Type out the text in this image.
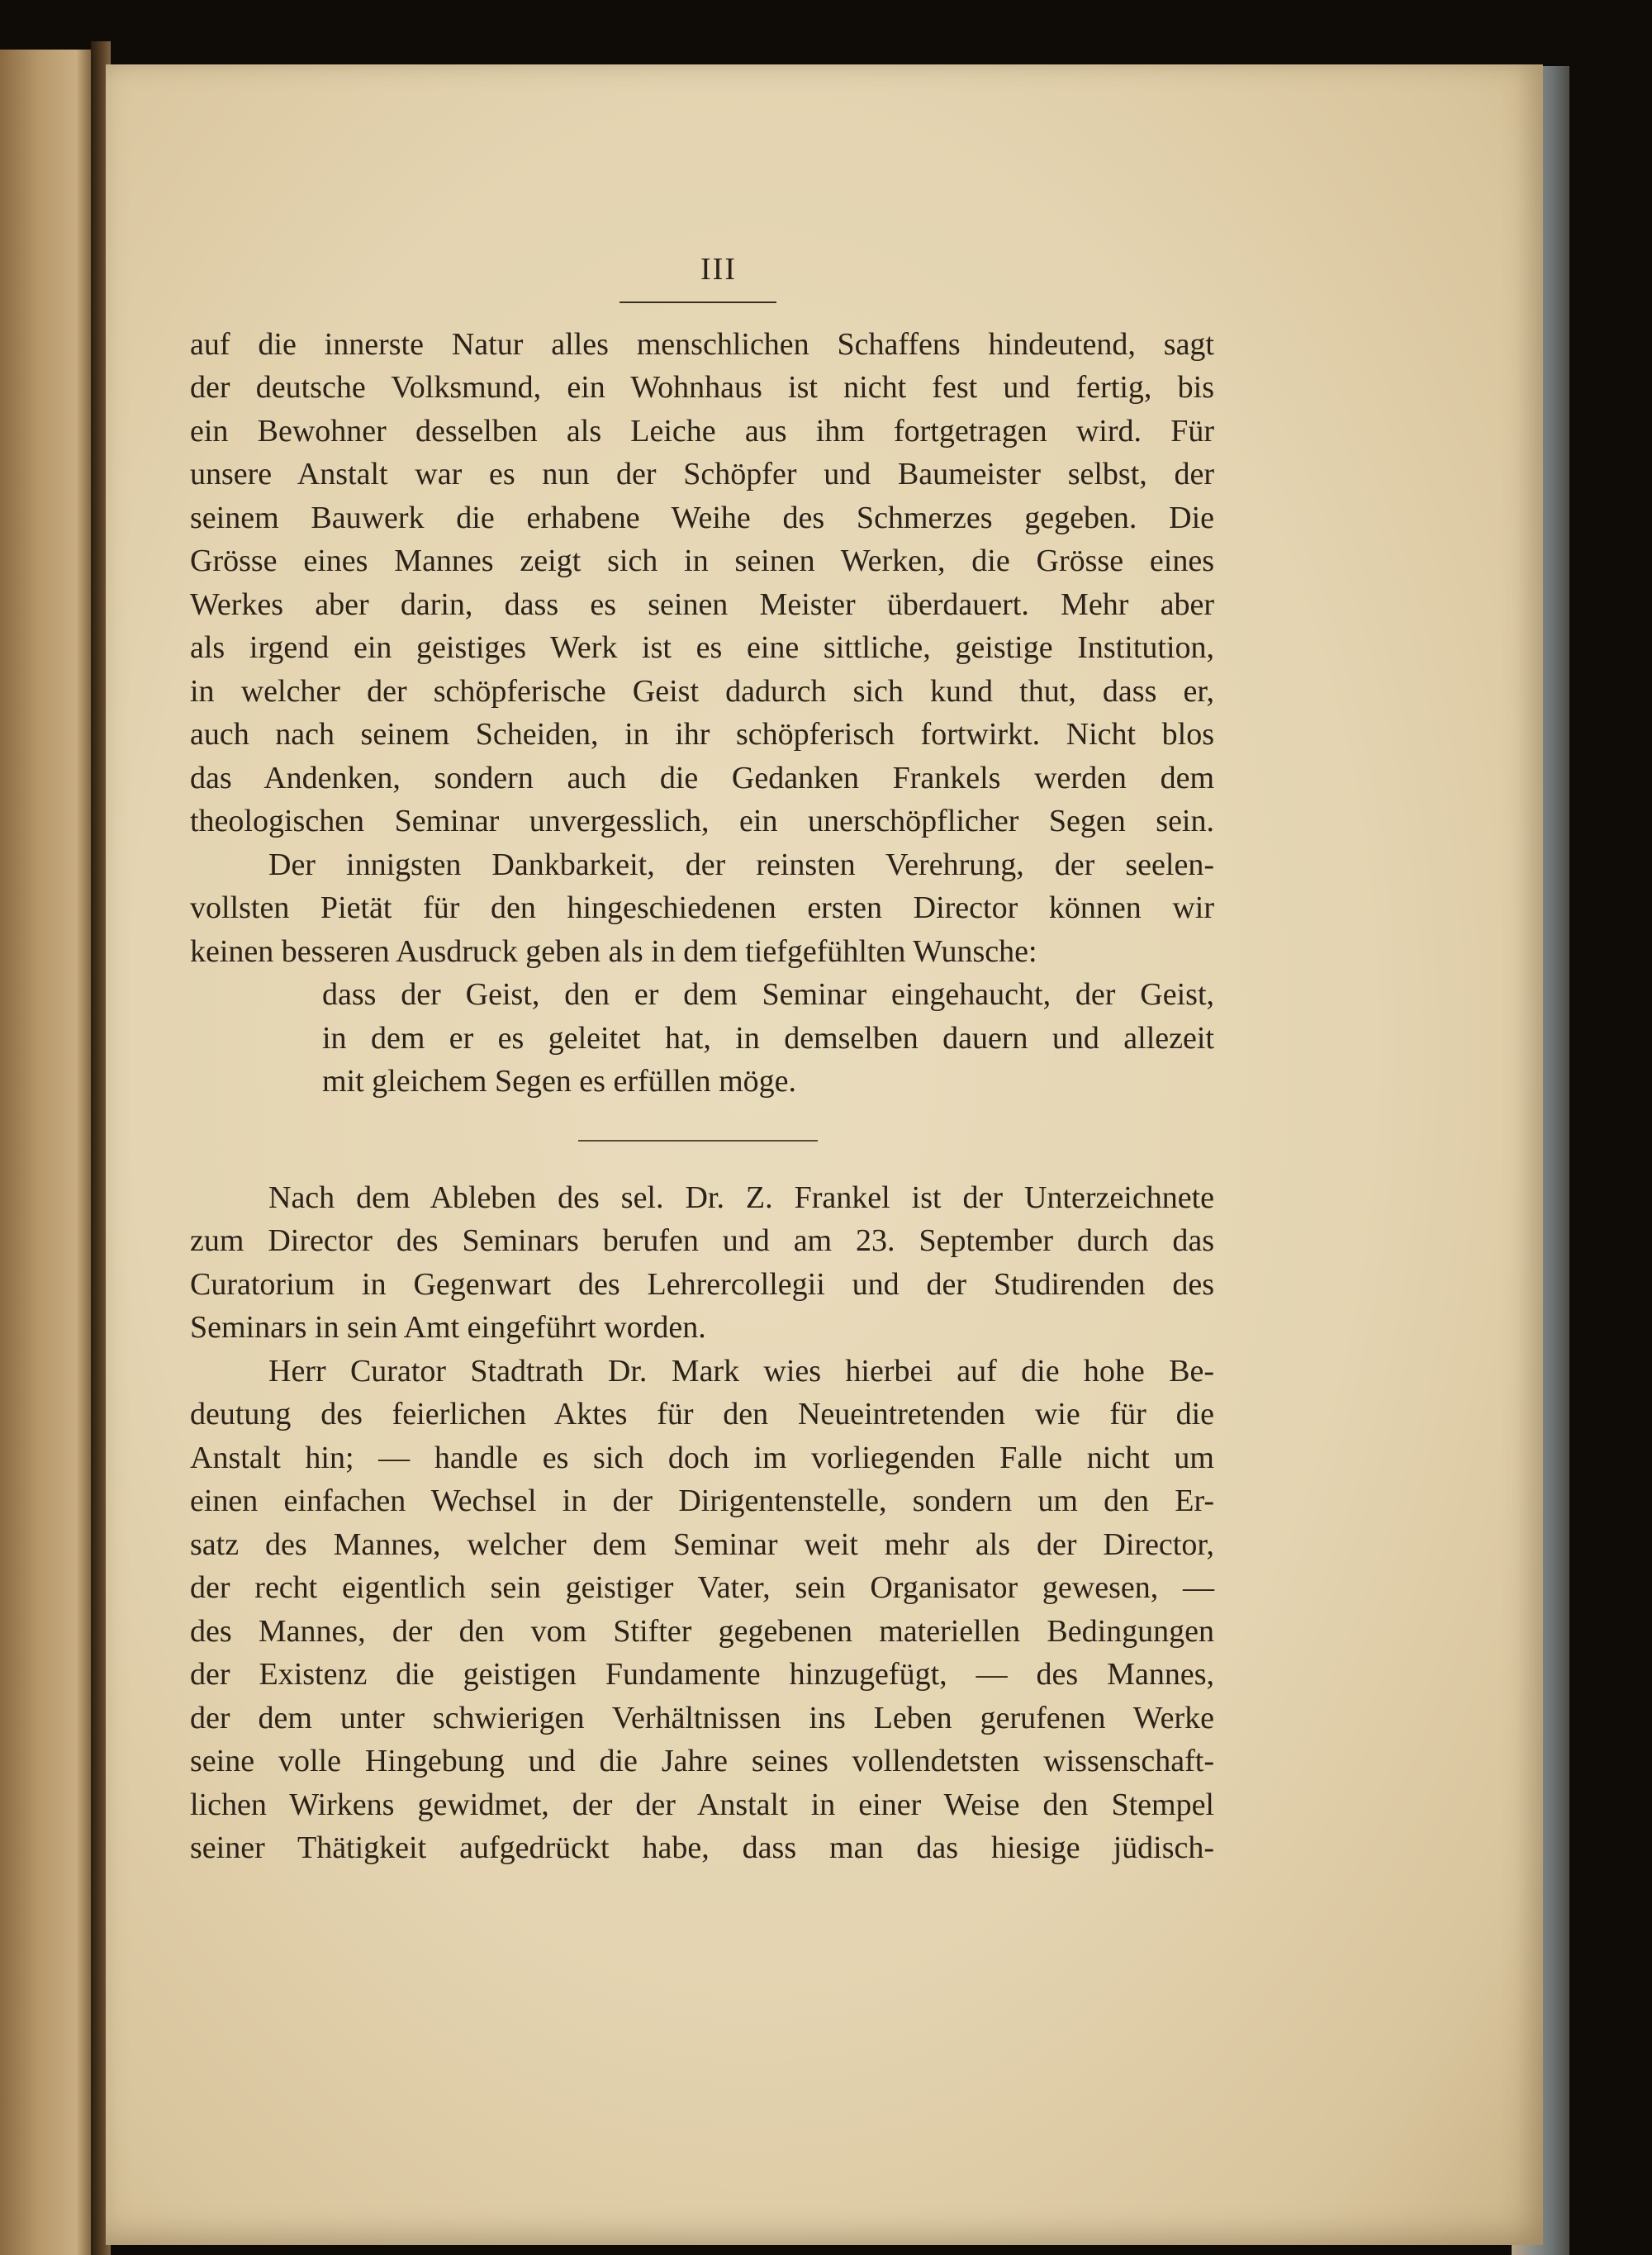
III
auf die innerste Natur alles menschlichen Schaffens hindeutend, sagt
der deutsche Volksmund, ein Wohnhaus ist nicht fest und fertig, bis
ein Bewohner desselben als Leiche aus ihm fortgetragen wird. Für
unsere Anstalt war es nun der Schöpfer und Baumeister selbst, der
seinem Bauwerk die erhabene Weihe des Schmerzes gegeben. Die
Grösse eines Mannes zeigt sich in seinen Werken, die Grösse eines
Werkes aber darin, dass es seinen Meister überdauert. Mehr aber
als irgend ein geistiges Werk ist es eine sittliche, geistige Institution,
in welcher der schöpferische Geist dadurch sich kund thut, dass er,
auch nach seinem Scheiden, in ihr schöpferisch fortwirkt. Nicht blos
das Andenken, sondern auch die Gedanken Frankels werden dem
theologischen Seminar unvergesslich, ein unerschöpflicher Segen sein.
Der innigsten Dankbarkeit, der reinsten Verehrung, der seelen-
vollsten Pietät für den hingeschiedenen ersten Director können wir
keinen besseren Ausdruck geben als in dem tiefgefühlten Wunsche:
dass der Geist, den er dem Seminar eingehaucht, der Geist,
in dem er es geleitet hat, in demselben dauern und allezeit
mit gleichem Segen es erfüllen möge.
Nach dem Ableben des sel. Dr. Z. Frankel ist der Unterzeichnete
zum Director des Seminars berufen und am 23. September durch das
Curatorium in Gegenwart des Lehrercollegii und der Studirenden des
Seminars in sein Amt eingeführt worden.
Herr Curator Stadtrath Dr. Mark wies hierbei auf die hohe Be-
deutung des feierlichen Aktes für den Neueintretenden wie für die
Anstalt hin; — handle es sich doch im vorliegenden Falle nicht um
einen einfachen Wechsel in der Dirigentenstelle, sondern um den Er-
satz des Mannes, welcher dem Seminar weit mehr als der Director,
der recht eigentlich sein geistiger Vater, sein Organisator gewesen, —
des Mannes, der den vom Stifter gegebenen materiellen Bedingungen
der Existenz die geistigen Fundamente hinzugefügt, — des Mannes,
der dem unter schwierigen Verhältnissen ins Leben gerufenen Werke
seine volle Hingebung und die Jahre seines vollendetsten wissenschaft-
lichen Wirkens gewidmet, der der Anstalt in einer Weise den Stempel
seiner Thätigkeit aufgedrückt habe, dass man das hiesige jüdisch-
